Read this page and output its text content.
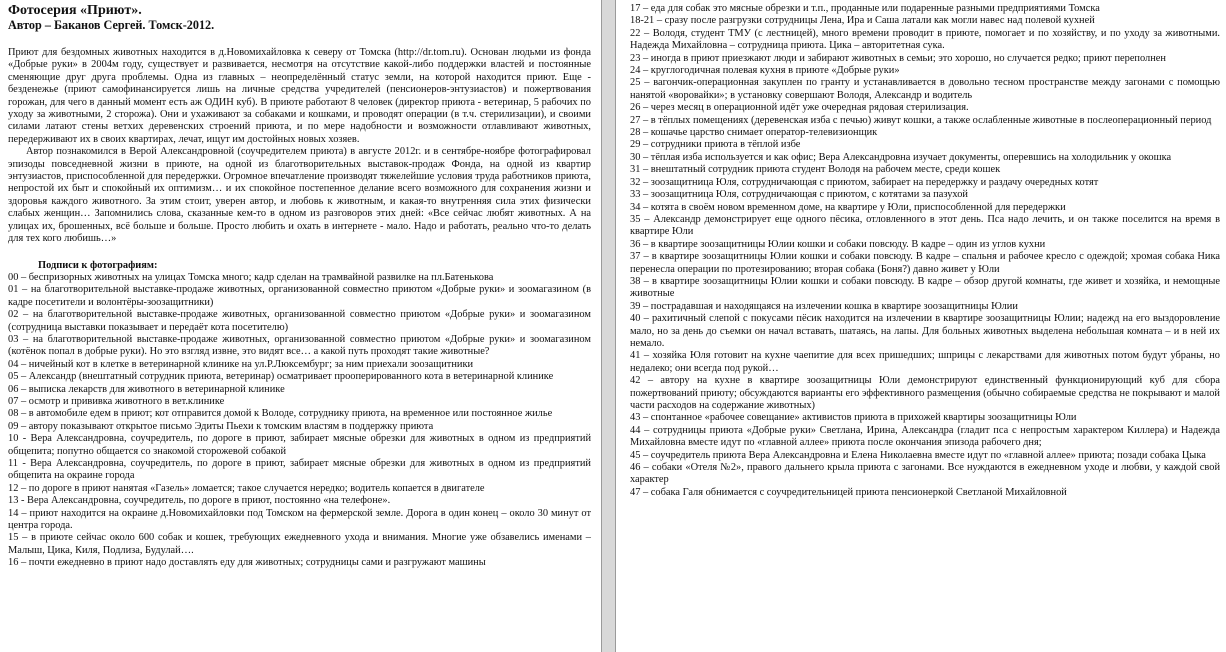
Фотосерия «Приют».

Автор – Баканов Сергей. Томск-2012.

Приют для бездомных животных находится в д.Новомихайловка к северу от Томска (http://dr.tom.ru). Основан людьми из фонда «Добрые руки» в 2004м году, существует и развивается, несмотря на отсутствие какой-либо поддержки властей и постоянные сменяющие друг друга проблемы. Одна из главных – неопределённый статус земли, на которой находится приют. Еще - безденежье (приют самофинансируется лишь на личные средства учредителей (пенсионеров-энтузиастов) и пожертвования горожан, для чего в данный момент есть аж ОДИН куб). В приюте работают 8 человек (директор приюта - ветеринар, 5 рабочих по уходу за животными, 2 сторожа). Они и ухаживают за собаками и кошками, и проводят операции (в т.ч. стерилизации), и своими силами латают стены ветхих деревенских строений приюта, и по мере надобности и возможности отлавливают животных, передерживают их в своих квартирах, лечат, ищут им достойных новых хозяев.

Автор познакомился в Верой Александровной (соучредителем приюта) в августе 2012г. и в сентябре-ноябре фотографировал эпизоды повседневной жизни в приюте, на одной из благотворительных выставок-продаж Фонда, на одной из квартир энтузиастов, приспособленной для передержки. Огромное впечатление производят тяжелейшие условия труда работников приюта, непростой их быт и спокойный их оптимизм… и их спокойное постепенное делание всего возможного для сохранения жизни и здоровья каждого животного. За этим стоит, уверен автор, и любовь к животным, и какая-то внутренняя сила этих физически слабых женщин… Запомнились слова, сказанные кем-то в одном из разговоров этих дней: «Все сейчас любят животных. А на улицах их, брошенных, всё больше и больше. Просто любить и охать в интернете - мало. Надо и работать, реально что-то делать для тех кого любишь…»

Подписи к фотографиям:

00 – беспризорных животных на улицах Томска много; кадр сделан на трамвайной развилке на пл.Батенькова

01 – на благотворительной выставке-продаже животных, организованной совместно приютом «Добрые руки» и зоомагазином (в кадре посетители и волонтёры-зоозащитники)

02 – на благотворительной выставке-продаже животных, организованной совместно приютом «Добрые руки» и зоомагазином (сотрудница выставки показывает и передаёт кота посетителю)

03 – на благотворительной выставке-продаже животных, организованной совместно приютом «Добрые руки» и зоомагазином (котёнок попал в добрые руки). Но это взгляд извне, это видят все… а какой путь проходят такие животные?

04 – ничейный кот в клетке в ветеринарной клинике на ул.Р.Люксембург; за ним приехали зоозащитники

05 – Александр (внештатный сотрудник приюта, ветеринар) осматривает прооперированного кота в ветеринарной клинике

06 – выписка лекарств для животного в ветеринарной клинике

07 – осмотр и прививка животного в вет.клинике

08 – в автомобиле едем в приют; кот отправится домой к Володе, сотруднику приюта, на временное или постоянное жилье

09 – автору показывают открытое письмо Эдиты Пьехи к томским властям в поддержку приюта

10 - Вера Александровна, соучредитель, по дороге в приют, забирает мясные обрезки для животных в одном из предприятий общепита; попутно общается со знакомой сторожевой собакой

11 - Вера Александровна, соучредитель, по дороге в приют, забирает мясные обрезки для животных в одном из предприятий общепита на окраине города

12 – по дороге в приют нанятая «Газель» ломается; такое случается нередко; водитель копается в двигателе

13 - Вера Александровна, соучредитель, по дороге в приют, постоянно «на телефоне».

14 – приют находится на окраине д.Новомихайловки под Томском на фермерской земле. Дорога в один конец – около 30 минут от центра города.

15 – в приюте сейчас около 600 собак и кошек, требующих ежедневного ухода и внимания. Многие уже обзавелись именами – Малыш, Цика, Киля, Подлиза, Будулай….

16 – почти ежедневно в приют надо доставлять еду для животных; сотрудницы сами и разгружают машины

17 – еда для собак это мясные обрезки и т.п., проданные или подаренные разными предприятиями Томска

18-21 – сразу после разгрузки сотрудницы Лена, Ира и Саша латали как могли навес над полевой кухней

22 – Володя, студент ТМУ (с лестницей), много времени проводит в приюте, помогает и по хозяйству, и по уходу за животными. Надежда Михайловна – сотрудница приюта. Цика – авторитетная сука.

23 – иногда в приют приезжают люди и забирают животных в семьи; это хорошо, но случается редко; приют переполнен

24 – круглогодичная полевая кухня в приюте «Добрые руки»

25 – вагончик-операционная закуплен по гранту и устанавливается в довольно тесном пространстве между загонами с помощью нанятой «воровайки»; в установку совершают Володя, Александр и водитель

26 – через месяц в операционной идёт уже очередная рядовая стерилизация.

27 – в тёплых помещениях (деревенская изба с печью) живут кошки, а также ослабленные животные в послеоперационный период

28 – кошачье царство снимает оператор-телевизионщик

29 – сотрудники приюта в тёплой избе

30 – тёплая изба используется и как офис; Вера Александровна изучает документы, оперевшись на холодильник у окошка

31 – внештатный сотрудник приюта студент Володя на рабочем месте, среди кошек

32 – зоозащитница Юля, сотрудничающая с приютом, забирает на передержку и раздачу очередных котят

33 – зоозащитница Юля, сотрудничающая с приютом, с котятами за пазухой

34 – котята в своём новом временном доме, на квартире у Юли, приспособленной для передержки

35 – Александр демонстрирует еще одного пёсика, отловленного в этот день. Пса надо лечить, и он также поселится на время в квартире Юли

36 – в квартире зоозащитницы Юлии кошки и собаки повсюду. В кадре – один из углов кухни

37 – в квартире зоозащитницы Юлии кошки и собаки повсюду. В кадре – спальня и рабочее кресло с одеждой; хромая собака Ника перенесла операции по протезированию; вторая собака (Боня?) давно живет у Юли

38 – в квартире зоозащитницы Юлии кошки и собаки повсюду. В кадре – обзор другой комнаты, где живет и хозяйка, и немощные животные

39 – пострадавшая и находящаяся на излечении кошка в квартире зоозащитницы Юлии

40 – рахитичный слепой с покусами пёсик находится на излечении в квартире зоозащитницы Юлии; надежд на его выздоровление мало, но за день до съемки он начал вставать, шатаясь, на лапы. Для больных животных выделена небольшая комната – и в ней их немало.

41 – хозяйка Юля готовит на кухне чаепитие для всех пришедших; шприцы с лекарствами для животных потом будут убраны, но недалеко; они всегда под рукой…

42 – автору на кухне в квартире зоозащитницы Юли демонстрируют единственный функционирующий куб для сбора пожертвований приюту; обсуждаются варианты его эффективного размещения (обычно собираемые средства не покрывают и малой части расходов на содержание животных)

43 – спонтанное «рабочее совещание» активистов приюта в прихожей квартиры зоозащитницы Юли

44 – сотрудницы приюта «Добрые руки» Светлана, Ирина, Александра (гладит пса с непростым характером Киллера) и Надежда Михайловна вместе идут по «главной аллее» приюта после окончания эпизода рабочего дня;

45 – соучредитель приюта Вера Александровна и Елена Николаевна вместе идут по «главной аллее» приюта; позади собака Цыка

46 – собаки «Отеля №2», правого дальнего крыла приюта с загонами. Все нуждаются в ежедневном уходе и любви, у каждой свой характер

47 – собака Галя обнимается с соучредительницей приюта пенсионеркой Светланой Михайловной
